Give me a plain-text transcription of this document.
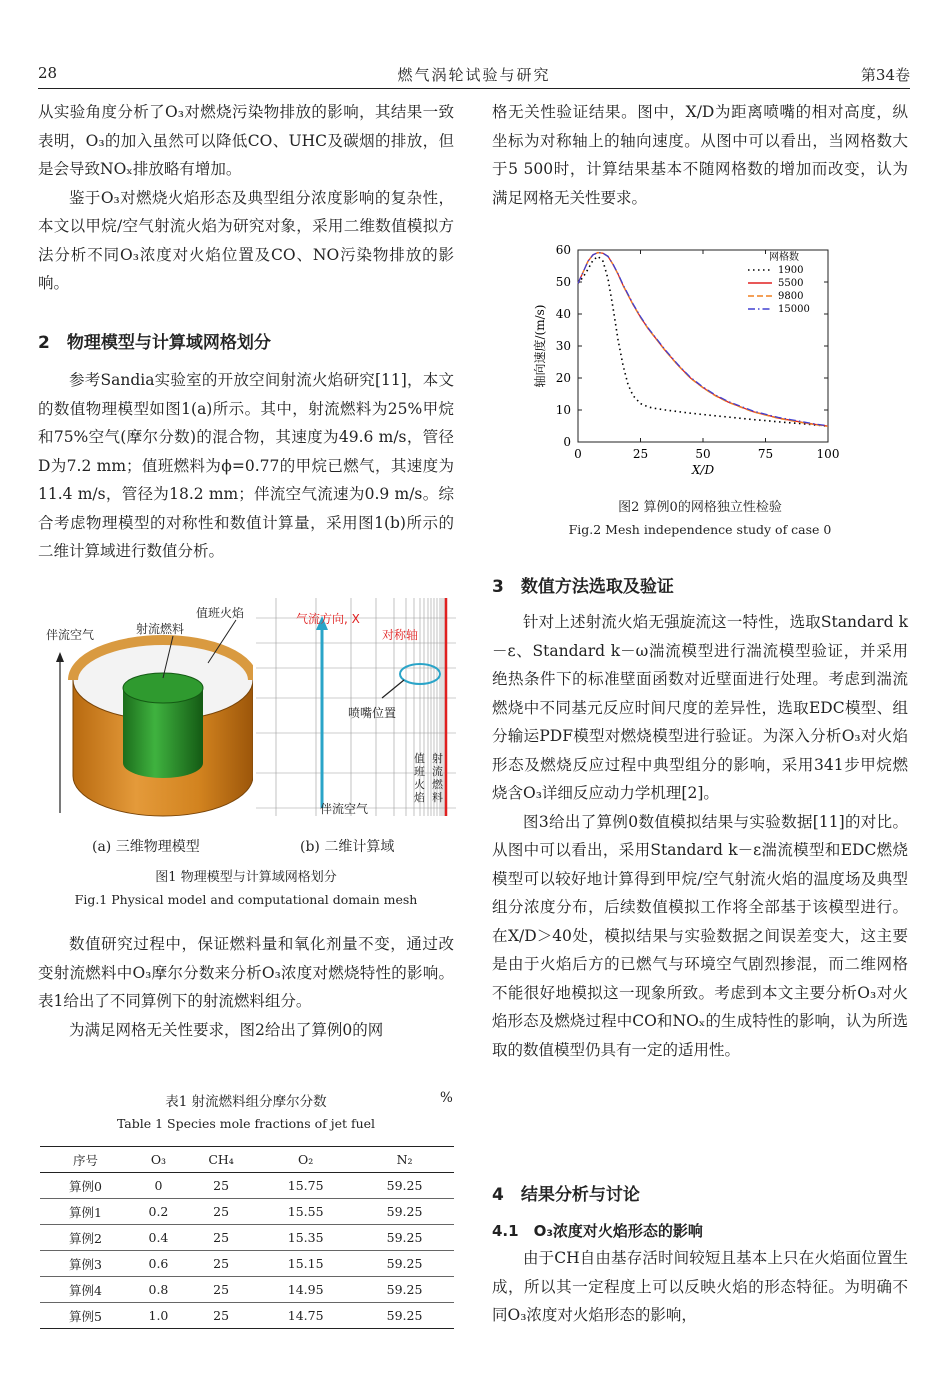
28	燃气涡轮试验与研究	第34卷

从实验角度分析了O₃对燃烧污染物排放的影响，其结果一致表明，O₃的加入虽然可以降低CO、UHC及碳烟的排放，但是会导致NOₓ排放略有增加。

鉴于O₃对燃烧火焰形态及典型组分浓度影响的复杂性，本文以甲烷/空气射流火焰为研究对象，采用二维数值模拟方法分析不同O₃浓度对火焰位置及CO、NO污染物排放的影响。

2　物理模型与计算域网格划分

参考Sandia实验室的开放空间射流火焰研究[11]，本文的数值物理模型如图1(a)所示。其中，射流燃料为25%甲烷和75%空气(摩尔分数)的混合物，其速度为49.6 m/s，管径D为7.2 mm；值班燃料为ϕ=0.77的甲烷已燃气，其速度为11.4 m/s，管径为18.2 mm；伴流空气流速为0.9 m/s。综合考虑物理模型的对称性和数值计算量，采用图1(b)所示的二维计算域进行数值分析。

伴流空气	射流燃料
值班火焰	气流方向, X
对称轴
喷嘴位置
伴流空气
值班火焰
射流燃料
(a) 三维物理模型	(b) 二维计算域
图1 物理模型与计算域网格划分
Fig.1 Physical model and computational domain mesh

数值研究过程中，保证燃料量和氧化剂量不变，通过改变射流燃料中O₃摩尔分数来分析O₃浓度对燃烧特性的影响。表1给出了不同算例下的射流燃料组分。

为满足网格无关性要求，图2给出了算例0的网

表1 射流燃料组分摩尔分数	%
Table 1 Species mole fractions of jet fuel
序号	O₃	CH₄	O₂	N₂
算例0	0	25	15.75	59.25
算例1	0.2	25	15.55	59.25
算例2	0.4	25	15.35	59.25
算例3	0.6	25	15.15	59.25
算例4	0.8	25	14.95	59.25
算例5	1.0	25	14.75	59.25

格无关性验证结果。图中，X/D为距离喷嘴的相对高度，纵坐标为对称轴上的轴向速度。从图中可以看出，当网格数大于5 500时，计算结果基本不随网格数的增加而改变，认为满足网格无关性要求。

0	25	50	75	100
0
10
20
30
40
50
60
X/D
轴向速度/(m/s)
网格数
1900
5500
9800
15000
图2 算例0的网格独立性检验
Fig.2 Mesh independence study of case 0
3　数值方法选取及验证

针对上述射流火焰无强旋流这一特性，选取Standard k－ε、Standard k－ω湍流模型进行湍流模型验证，并采用绝热条件下的标准壁面函数对近壁面进行处理。考虑到湍流燃烧中不同基元反应时间尺度的差异性，选取EDC模型、组分输运PDF模型对燃烧模型进行验证。为深入分析O₃对火焰形态及燃烧反应过程中典型组分的影响，采用341步甲烷燃烧含O₃详细反应动力学机理[2]。

图3给出了算例0数值模拟结果与实验数据[11]的对比。从图中可以看出，采用Standard k－ε湍流模型和EDC燃烧模型可以较好地计算得到甲烷/空气射流火焰的温度场及典型组分浓度分布，后续数值模拟工作将全部基于该模型进行。在X/D＞40处，模拟结果与实验数据之间误差变大，这主要是由于火焰后方的已燃气与环境空气剧烈掺混，而二维网格不能很好地模拟这一现象所致。考虑到本文主要分析O₃对火焰形态及燃烧过程中CO和NOₓ的生成特性的影响，认为所选取的数值模型仍具有一定的适用性。

4　结果分析与讨论
4.1　O₃浓度对火焰形态的影响

由于CH自由基存活时间较短且基本上只在火焰面位置生成，所以其一定程度上可以反映火焰的形态特征。为明确不同O₃浓度对火焰形态的影响，
